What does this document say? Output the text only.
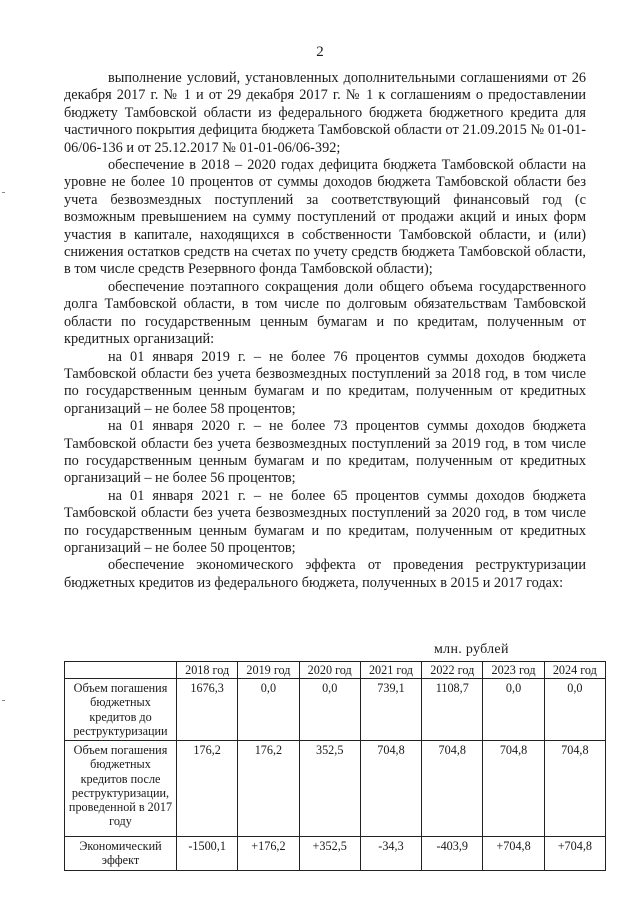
2

выполнение условий, установленных дополнительными соглашениями от 26 декабря 2017 г. № 1 и от 29 декабря 2017 г. № 1 к соглашениям о предоставлении бюджету Тамбовской области из федерального бюджета бюджетного кредита для частичного покрытия дефицита бюджета Тамбовской области от 21.09.2015 № 01-01-06/06-136 и от 25.12.2017 № 01-01-06/06-392;

обеспечение в 2018 – 2020 годах дефицита бюджета Тамбовской области на уровне не более 10 процентов от суммы доходов бюджета Тамбовской области без учета безвозмездных поступлений за соответствующий финансовый год (с возможным превышением на сумму поступлений от продажи акций и иных форм участия в капитале, находящихся в собственности Тамбовской области, и (или) снижения остатков средств на счетах по учету средств бюджета Тамбовской области, в том числе средств Резервного фонда Тамбовской области);

обеспечение поэтапного сокращения доли общего объема государственного долга Тамбовской области, в том числе по долговым обязательствам Тамбовской области по государственным ценным бумагам и по кредитам, полученным от кредитных организаций:

на 01 января 2019 г. – не более 76 процентов суммы доходов бюджета Тамбовской области без учета безвозмездных поступлений за 2018 год, в том числе по государственным ценным бумагам и по кредитам, полученным от кредитных организаций – не более 58 процентов;

на 01 января 2020 г. – не более 73 процентов суммы доходов бюджета Тамбовской области без учета безвозмездных поступлений за 2019 год, в том числе по государственным ценным бумагам и по кредитам, полученным от кредитных организаций – не более 56 процентов;

на 01 января 2021 г. – не более 65 процентов суммы доходов бюджета Тамбовской области без учета безвозмездных поступлений за 2020 год, в том числе по государственным ценным бумагам и по кредитам, полученным от кредитных организаций – не более 50 процентов;

обеспечение экономического эффекта от проведения реструктуризации бюджетных кредитов из федерального бюджета, полученных в 2015 и 2017 годах:

млн. рублей
	2018 год	2019 год	2020 год	2021 год	2022 год	2023 год	2024 год
Объем погашения бюджетных кредитов до реструктуризации	1676,3	0,0	0,0	739,1	1108,7	0,0	0,0
Объем погашения бюджетных кредитов после реструктуризации, проведенной в 2017 году	176,2	176,2	352,5	704,8	704,8	704,8	704,8
Экономический эффект	-1500,1	+176,2	+352,5	-34,3	-403,9	+704,8	+704,8
